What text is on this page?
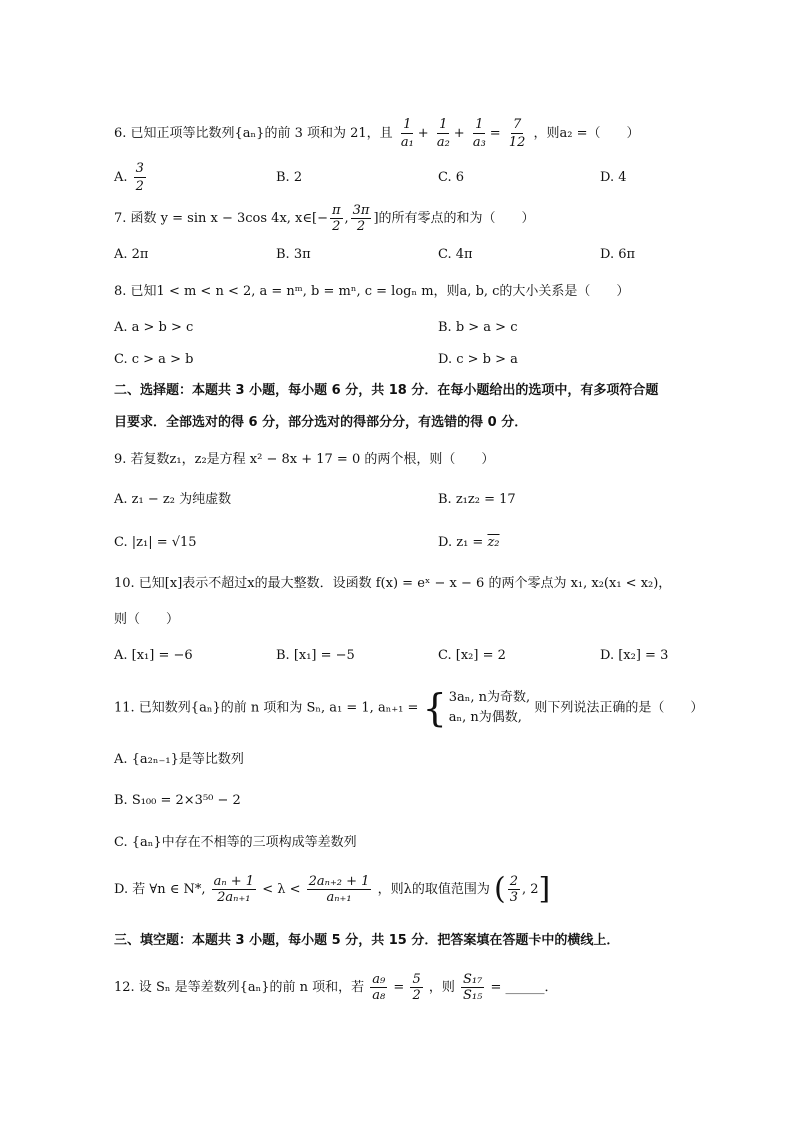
6. 已知正项等比数列{aₙ}的前 3 项和为 21，且 $\frac{1}{\text{a₁}} + \frac{1}{\text{a₂}} + \frac{1}{\text{a₃}} = \frac{7}{12}$ ，则a₂ =（　　）
A. $\frac{3}{2}$	B. 2	C. 6	D. 4
7. 函数 y = sin x − 3cos 4x, x∈[− $\frac{\pi}{2}$ , $\frac{3\pi}{2}$ ]的所有零点的和为（　　）
A. 2π	B. 3π	C. 4π	D. 6π
8. 已知1 < m < n < 2, a = nᵐ, b = mⁿ, c = logₙ m，则a, b, c的大小关系是（　　）
A. a > b > c	B. b > a > c
C. c > a > b	D. c > b > a
二、选择题：本题共 3 小题，每小题 6 分，共 18 分．在每小题给出的选项中，有多项符合题
目要求．全部选对的得 6 分，部分选对的得部分分，有选错的得 0 分．
9. 若复数z₁，z₂是方程 x² − 8x + 17 = 0 的两个根，则（　　）
A. z₁ − z₂ 为纯虚数	B. z₁z₂ = 17
C. |z₁| = √15	D. z₁ = z₂
10. 已知[x]表示不超过x的最大整数．设函数 f(x) = eˣ − x − 6 的两个零点为 x₁, x₂(x₁ < x₂)，
则（　　）
A. [x₁] = −6	B. [x₁] = −5	C. [x₂] = 2	D. [x₂] = 3
11. 已知数列{aₙ}的前 n 项和为 Sₙ, a₁ = 1, aₙ₊₁ = { 3aₙ, n为奇数,
aₙ, n为偶数,
则下列说法正确的是（　　）
A. {a₂ₙ₋₁}是等比数列
B. S₁₀₀ = 2×3⁵⁰ − 2
C. {aₙ}中存在不相等的三项构成等差数列
D. 若 ∀n ∈ N*, $\frac{\text{aₙ + 1}}{\text{2aₙ₊₁}} < \lambda < \frac{\text{2aₙ₊₂ + 1}}{\text{aₙ₊₁}}$ ，则λ的取值范围为 ( $\frac{2}{3}$ , 2]
三、填空题：本题共 3 小题，每小题 5 分，共 15 分．把答案填在答题卡中的横线上．
12. 设 Sₙ 是等差数列{aₙ}的前 n 项和，若 $\frac{\text{a₉}}{\text{a₈}} = \frac{5}{2}$ ，则 $\frac{\text{S₁₇}}{\text{S₁₅}}$ = ______．
